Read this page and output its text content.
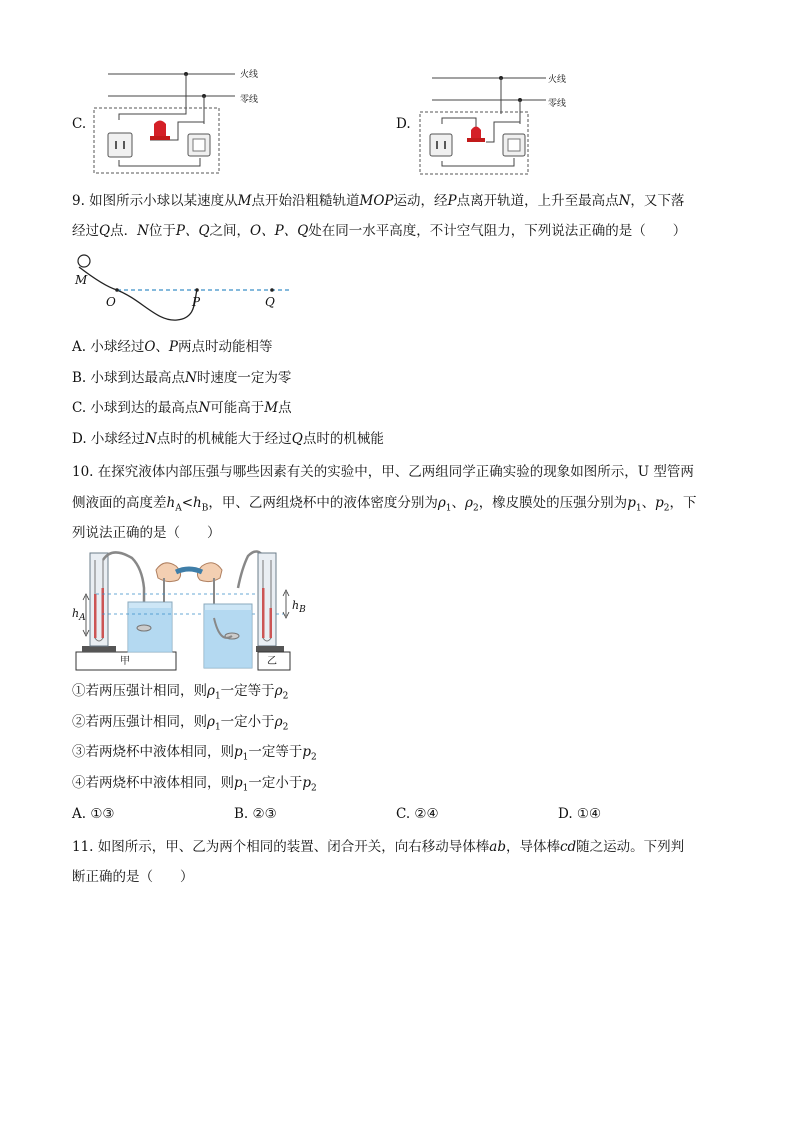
C.
火线
零线
D.
火线
零线
9. 如图所示小球以某速度从M点开始沿粗糙轨道MOP运动，经P点离开轨道，上升至最高点N，又下落
经过Q点．N位于P、Q之间，O、P、Q处在同一水平高度，不计空气阻力，下列说法正确的是（　　）
M
O	P	Q
A. 小球经过O、P两点时动能相等
B. 小球到达最高点N时速度一定为零
C. 小球到达的最高点N可能高于M点
D. 小球经过N点时的机械能大于经过Q点时的机械能
10. 在探究液体内部压强与哪些因素有关的实验中，甲、乙两组同学正确实验的现象如图所示，U 型管两
侧液面的高度差$h_A<h_B$，甲、乙两组烧杯中的液体密度分别为$\rho_1$、$\rho_2$，橡皮膜处的压强分别为$p_1$、$p_2$，下
列说法正确的是（　　）
$h_A$
$h_B$
甲	乙
①若两压强计相同，则$\rho_1$一定等于$\rho_2$
②若两压强计相同，则$\rho_1$一定小于$\rho_2$
③若两烧杯中液体相同，则$p_1$一定等于$p_2$
④若两烧杯中液体相同，则$p_1$一定小于$p_2$
A. ①③	B. ②③	C. ②④	D. ①④
11. 如图所示，甲、乙为两个相同的装置、闭合开关，向右移动导体棒ab，导体棒cd随之运动。下列判
断正确的是（　　）
